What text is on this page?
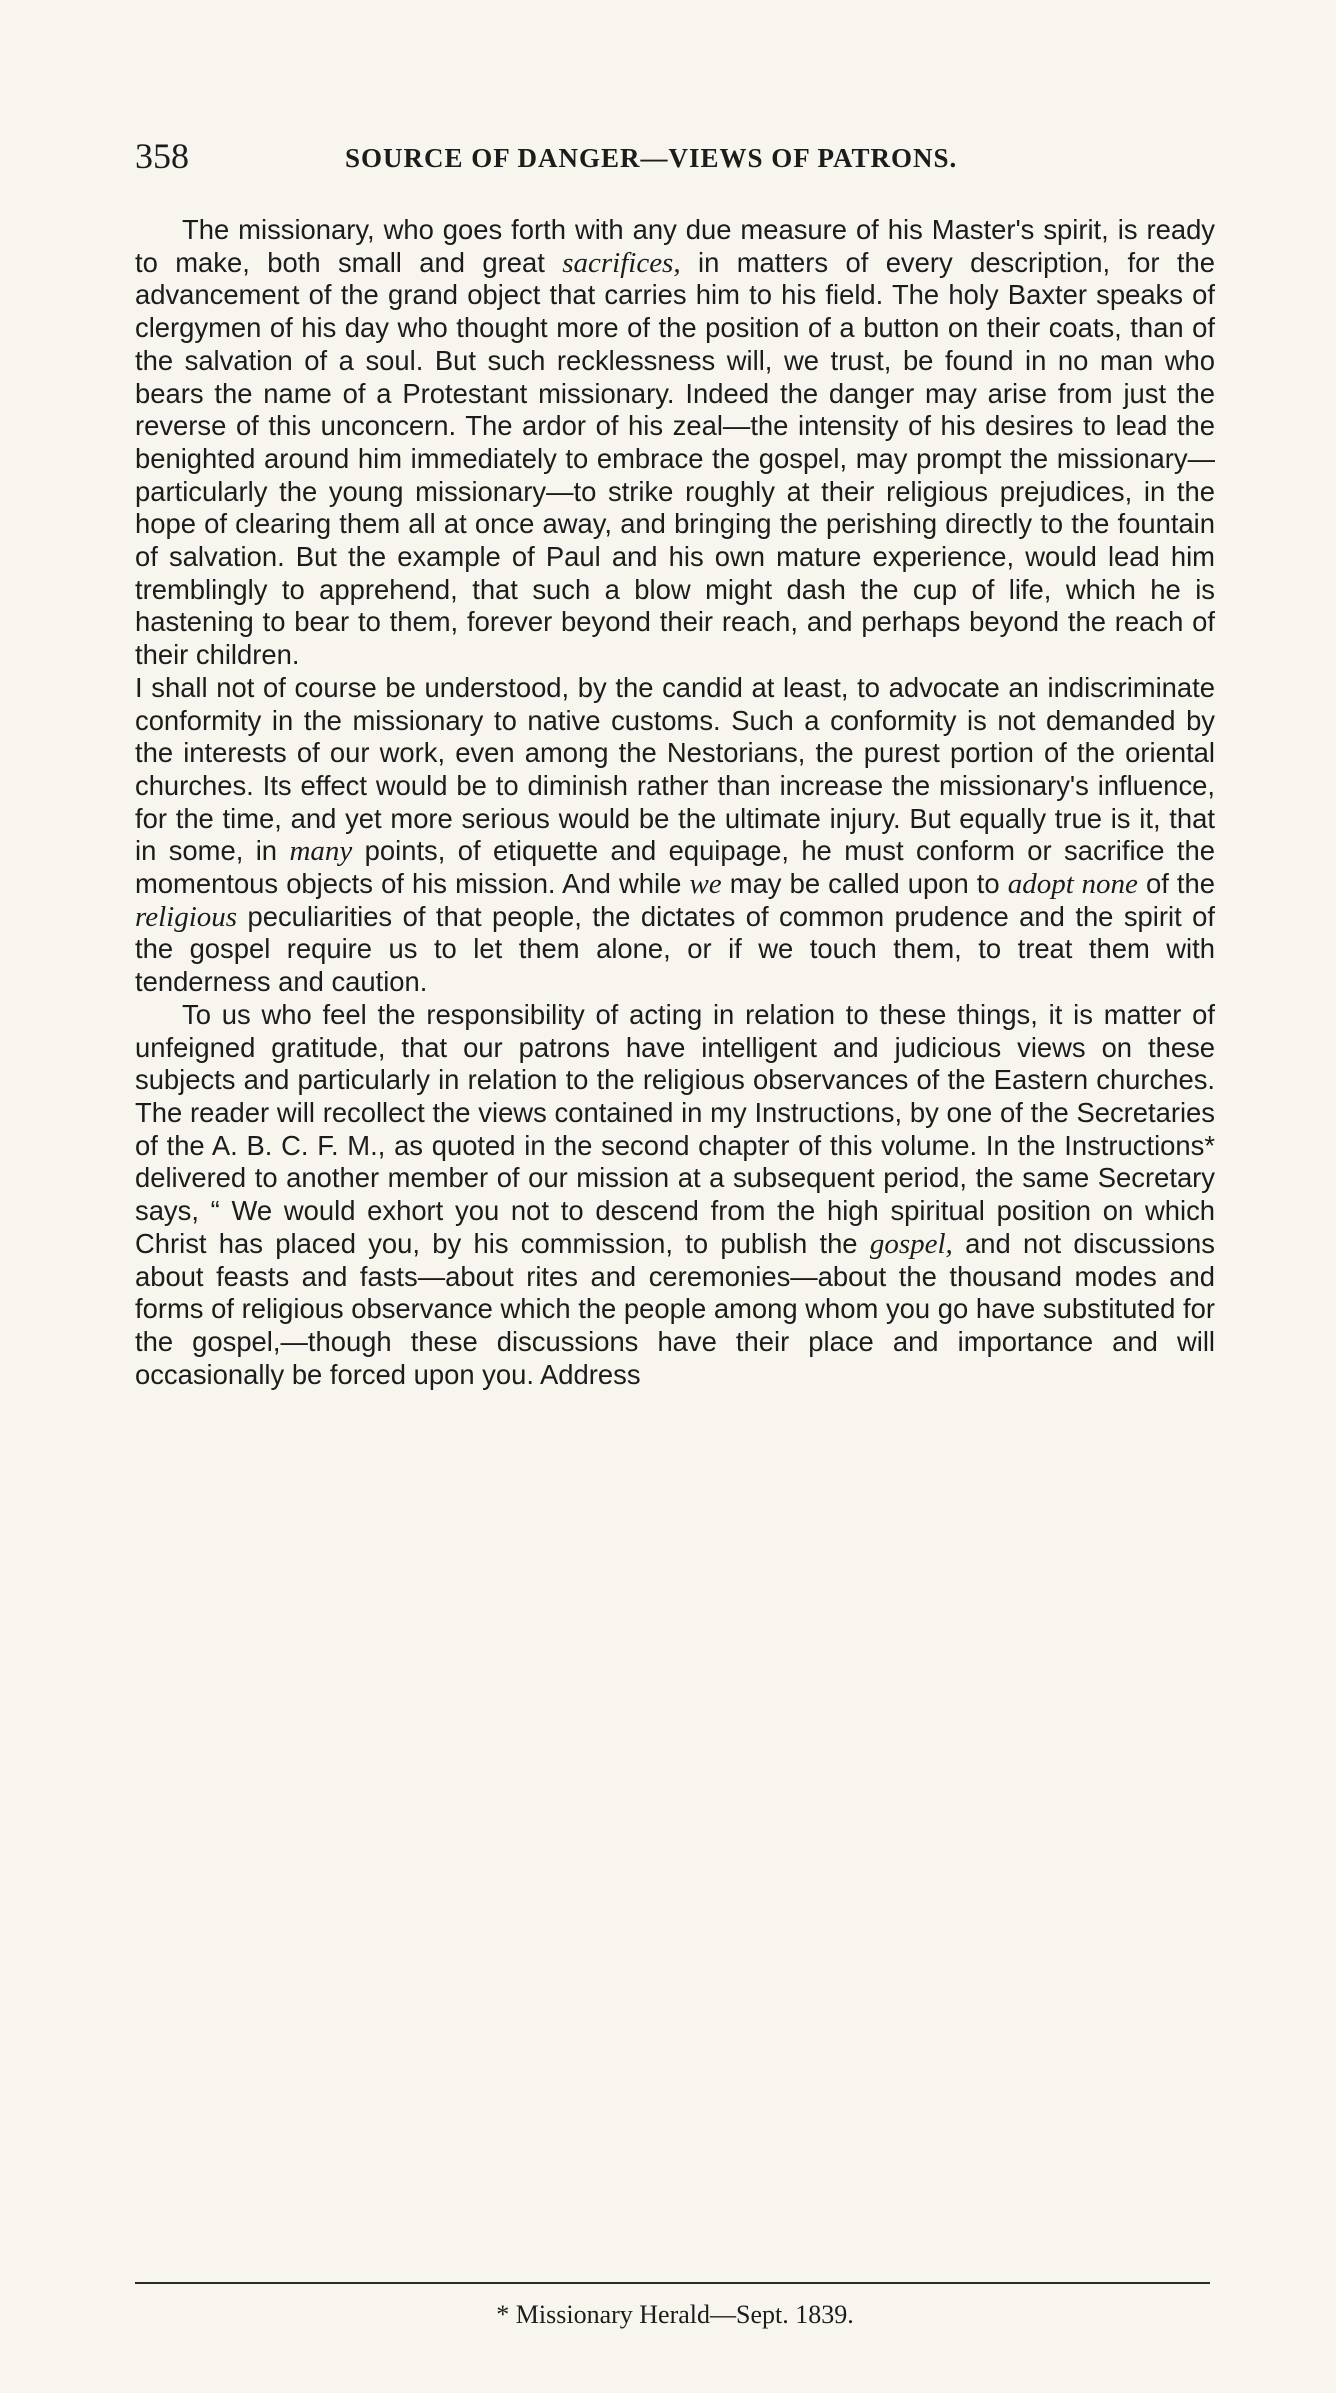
358	SOURCE OF DANGER—VIEWS OF PATRONS.

The missionary, who goes forth with any due measure of his Master's spirit, is ready to make, both small and great sacrifices, in matters of every description, for the advancement of the grand object that carries him to his field. The holy Baxter speaks of clergymen of his day who thought more of the position of a button on their coats, than of the salvation of a soul. But such recklessness will, we trust, be found in no man who bears the name of a Protestant missionary. Indeed the danger may arise from just the reverse of this unconcern. The ardor of his zeal—the intensity of his desires to lead the benighted around him immediately to embrace the gospel, may prompt the missionary—particularly the young missionary—to strike roughly at their religious prejudices, in the hope of clearing them all at once away, and bringing the perishing directly to the fountain of salvation. But the example of Paul and his own mature experience, would lead him tremblingly to apprehend, that such a blow might dash the cup of life, which he is hastening to bear to them, forever beyond their reach, and perhaps beyond the reach of their children.

I shall not of course be understood, by the candid at least, to advocate an indiscriminate conformity in the missionary to native customs. Such a conformity is not demanded by the interests of our work, even among the Nestorians, the purest portion of the oriental churches. Its effect would be to diminish rather than increase the missionary's influence, for the time, and yet more serious would be the ultimate injury. But equally true is it, that in some, in many points, of etiquette and equipage, he must conform or sacrifice the momentous objects of his mission. And while we may be called upon to adopt none of the religious peculiarities of that people, the dictates of common prudence and the spirit of the gospel require us to let them alone, or if we touch them, to treat them with tenderness and caution.

To us who feel the responsibility of acting in relation to these things, it is matter of unfeigned gratitude, that our patrons have intelligent and judicious views on these subjects and particularly in relation to the religious observances of the Eastern churches. The reader will recollect the views contained in my Instructions, by one of the Secretaries of the A. B. C. F. M., as quoted in the second chapter of this volume. In the Instructions* delivered to another member of our mission at a subsequent period, the same Secretary says, “ We would exhort you not to descend from the high spiritual position on which Christ has placed you, by his commission, to publish the gospel, and not discussions about feasts and fasts—about rites and ceremonies—about the thousand modes and forms of religious observance which the people among whom you go have substituted for the gospel,—though these discussions have their place and importance and will occasionally be forced upon you. Address

* Missionary Herald—Sept. 1839.
